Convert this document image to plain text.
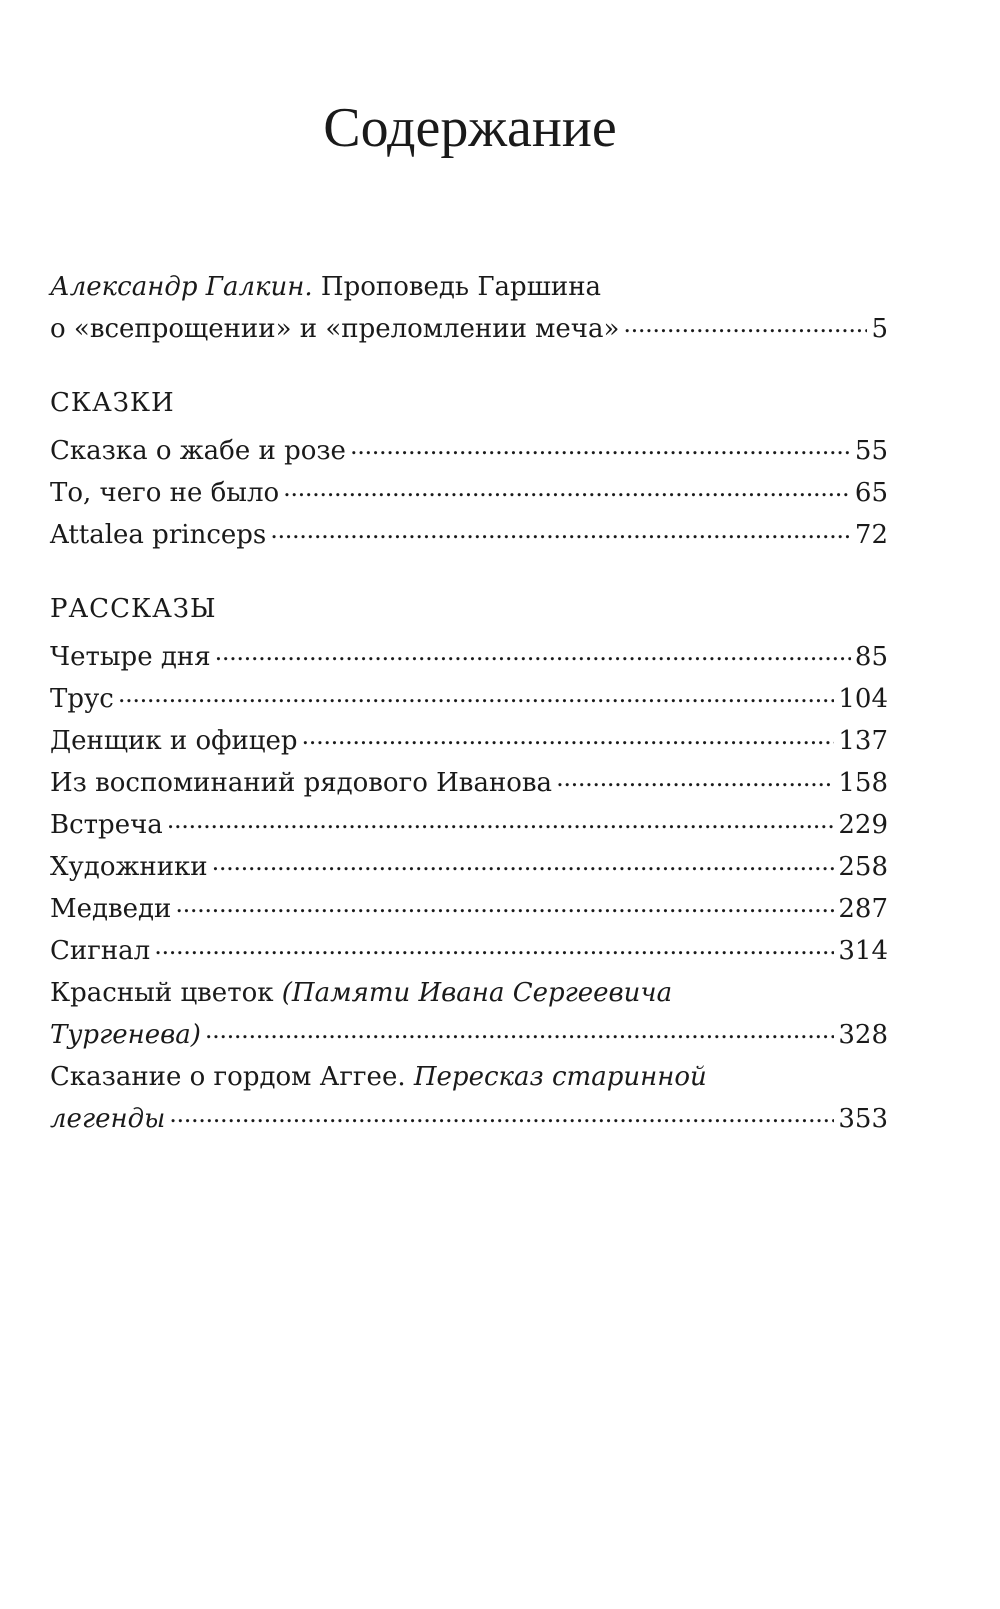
Содержание
Александр Галкин. Проповедь Гаршина
о «всепрощении» и «преломлении меча» . . .	5
СКАЗКИ
Сказка о жабе и розе . . .	55
То, чего не было . . .	65
Attalea princeps . . .	72
РАССКАЗЫ
Четыре дня . . .	85
Трус . . .	104
Денщик и офицер . . .	137
Из воспоминаний рядового Иванова . . .	158
Встреча . . .	229
Художники . . .	258
Медведи . . .	287
Сигнал . . .	314
Красный цветок (Памяти Ивана Сергеевича
Тургенева) . . .	328
Сказание о гордом Аггее. Пересказ старинной
легенды . . .	353
